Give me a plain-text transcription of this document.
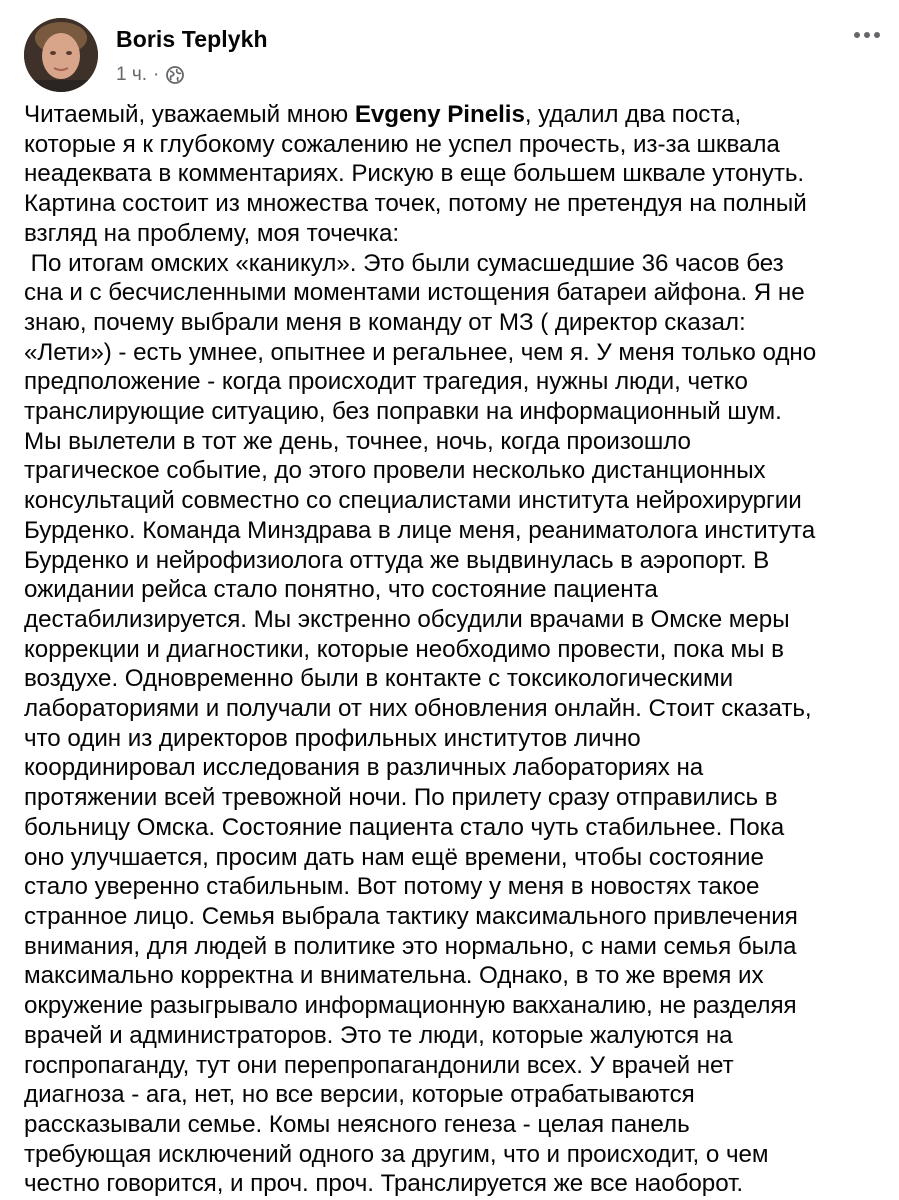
Boris Teplykh
1 ч. ·
Читаемый, уважаемый мною Evgeny Pinelis, удалил два поста,
которые я к глубокому сожалению не успел прочесть, из-за шквала
неадеквата в комментариях. Рискую в еще большем шквале утонуть.
Картина состоит из множества точек, потому не претендуя на полный
взгляд на проблему, моя точечка:
По итогам омских «каникул». Это были сумасшедшие 36 часов без
сна и с бесчисленными моментами истощения батареи айфона. Я не
знаю, почему выбрали меня в команду от МЗ ( директор сказал:
«Лети») - есть умнее, опытнее и регальнее, чем я. У меня только одно
предположение - когда происходит трагедия, нужны люди, четко
транслирующие ситуацию, без поправки на информационный шум.
Мы вылетели в тот же день, точнее, ночь, когда произошло
трагическое событие, до этого провели несколько дистанционных
консультаций совместно со специалистами института нейрохирургии
Бурденко. Команда Минздрава в лице меня, реаниматолога института
Бурденко и нейрофизиолога оттуда же выдвинулась в аэропорт. В
ожидании рейса стало понятно, что состояние пациента
дестабилизируется. Мы экстренно обсудили врачами в Омске меры
коррекции и диагностики, которые необходимо провести, пока мы в
воздухе. Одновременно были в контакте с токсикологическими
лабораториями и получали от них обновления онлайн. Стоит сказать,
что один из директоров профильных институтов лично
координировал исследования в различных лабораториях на
протяжении всей тревожной ночи. По прилету сразу отправились в
больницу Омска. Состояние пациента стало чуть стабильнее. Пока
оно улучшается, просим дать нам ещё времени, чтобы состояние
стало уверенно стабильным. Вот потому у меня в новостях такое
странное лицо. Семья выбрала тактику максимального привлечения
внимания, для людей в политике это нормально, с нами семья была
максимально корректна и внимательна. Однако, в то же время их
окружение разыгрывало информационную вакханалию, не разделяя
врачей и администраторов. Это те люди, которые жалуются на
госпропаганду, тут они перепропагандонили всех. У врачей нет
диагноза - ага, нет, но все версии, которые отрабатываются
рассказывали семье. Комы неясного генеза - целая панель
требующая исключений одного за другим, что и происходит, о чем
честно говорится, и проч. проч. Транслируется же все наоборот.
